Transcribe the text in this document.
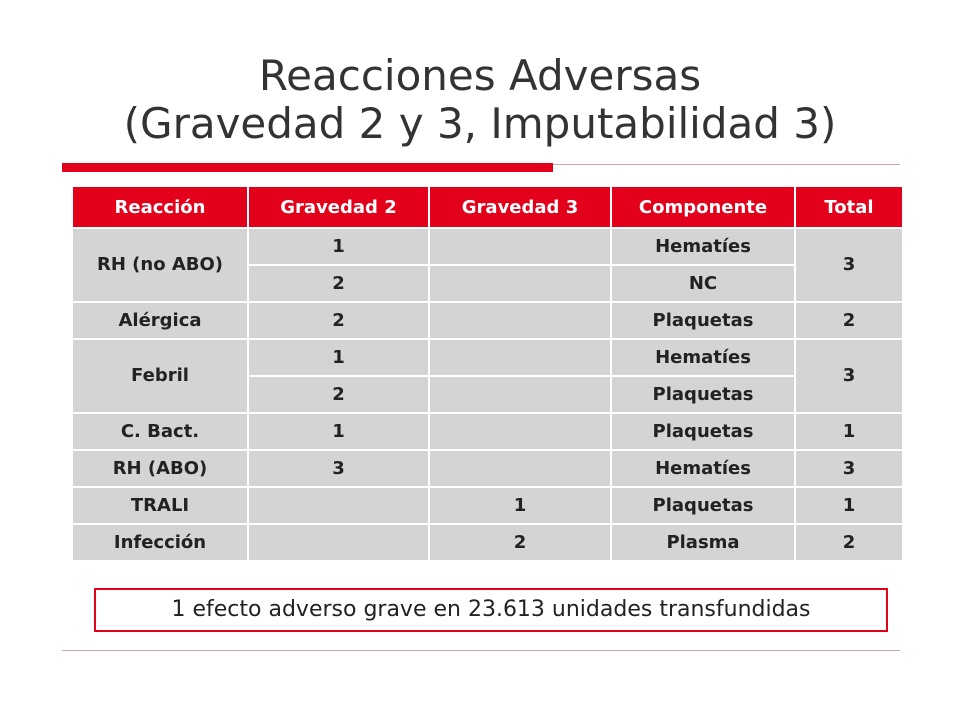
Reacciones Adversas

(Gravedad 2 y 3, Imputabilidad 3)
Reacción	Gravedad 2	Gravedad 3	Componente	Total
RH (no ABO)	1		Hematíes	3
	2		NC	
Alérgica	2		Plaquetas	2
Febril	1		Hematíes	3
	2		Plaquetas	
C. Bact.	1		Plaquetas	1
RH (ABO)	3		Hematíes	3
TRALI		1	Plaquetas	1
Infección		2	Plasma	2
1 efecto adverso grave en 23.613 unidades transfundidas
